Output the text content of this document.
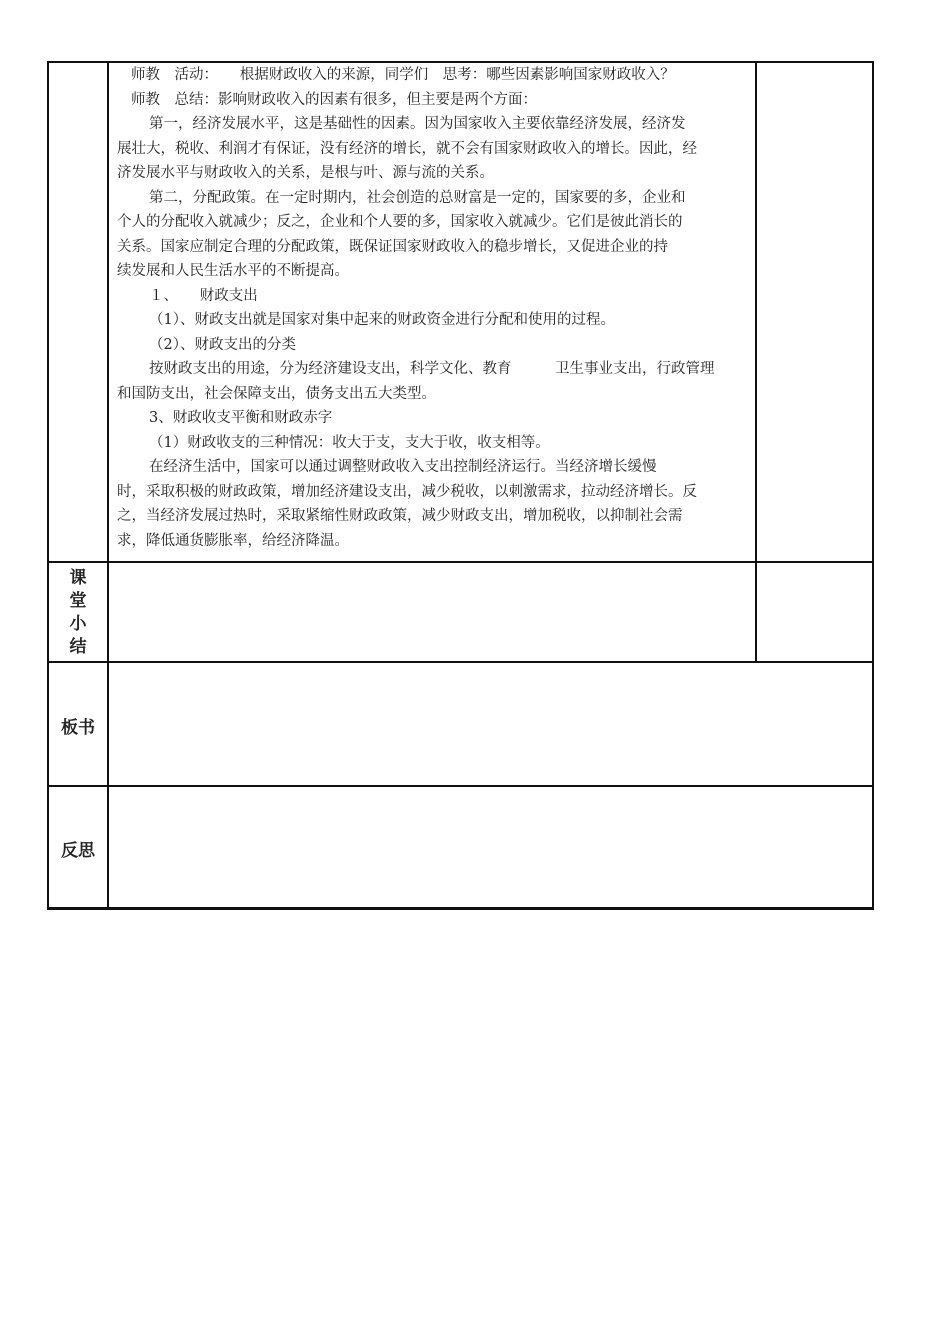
师教　活动：　　根据财政收入的来源，同学们　思考：哪些因素影响国家财政收入？

师教　总结：影响财政收入的因素有很多，但主要是两个方面：

第一，经济发展水平，这是基础性的因素。因为国家收入主要依靠经济发展，经济发

展壮大，税收、利润才有保证，没有经济的增长，就不会有国家财政收入的增长。因此，经

济发展水平与财政收入的关系，是根与叶、源与流的关系。

第二，分配政策。在一定时期内，社会创造的总财富是一定的，国家要的多，企业和

个人的分配收入就减少；反之，企业和个人要的多，国家收入就减少。它们是彼此消长的

关系。国家应制定合理的分配政策，既保证国家财政收入的稳步增长，又促进企业的持

续发展和人民生活水平的不断提高。

１、　　财政支出

（1）、财政支出就是国家对集中起来的财政资金进行分配和使用的过程。

（2）、财政支出的分类

按财政支出的用途，分为经济建设支出，科学文化、教育　　　卫生事业支出，行政管理

和国防支出，社会保障支出，债务支出五大类型。

3、财政收支平衡和财政赤字

（1）财政收支的三种情况：收大于支，支大于收，收支相等。

在经济生活中，国家可以通过调整财政收入支出控制经济运行。当经济增长缓慢

时，采取积极的财政政策，增加经济建设支出，减少税收，以刺激需求，拉动经济增长。反

之，当经济发展过热时，采取紧缩性财政政策，减少财政支出，增加税收，以抑制社会需

求，降低通货膨胀率，给经济降温。

课
堂
小
结
板书
反思
